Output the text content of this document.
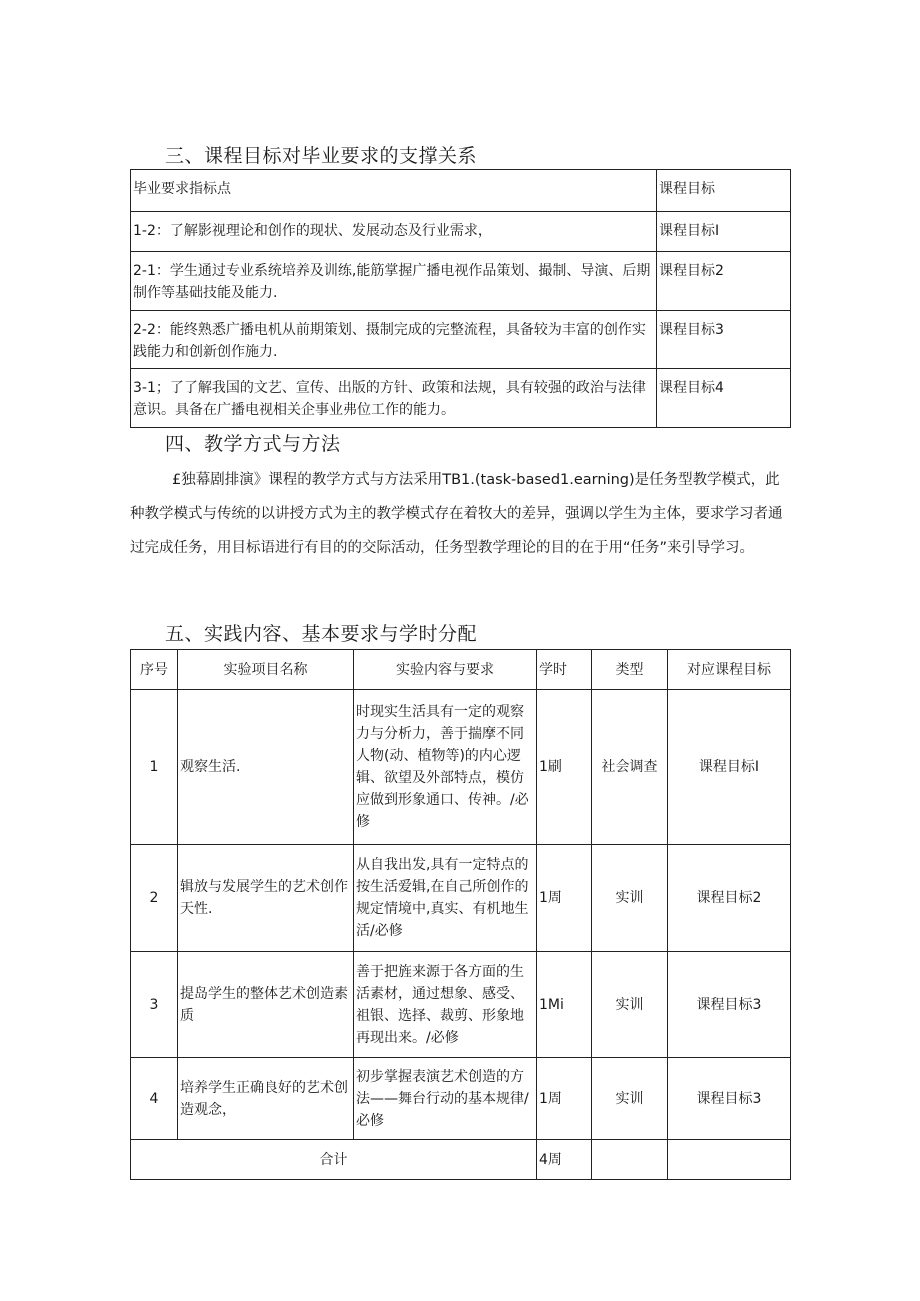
三、课程目标对毕业要求的支撑关系
毕业要求指标点	课程目标
1-2：了解影视理论和创作的现状、发展动态及行业需求，	课程目标I
2-1：学生通过专业系统培养及训练,能筋掌握广播电视作品策划、撮制、导演、后期制作等基础技能及能力.	课程目标2
2-2：能终熟悉广播电机从前期策划、摄制完成的完整流程，具备较为丰富的创作实践能力和创新创作施力.	课程目标3
3-1；了了解我国的文艺、宣传、出版的方针、政策和法规，具有较强的政治与法律意识。具备在广播电视相关企事业弗位工作的能力。	课程目标4
四、教学方式与方法
£独幕剧排演》课程的教学方式与方法采用TB1.(task-based1.earning)是任务型教学模式，此种教学模式与传统的以讲授方式为主的教学模式存在着牧大的差异，强调以学生为主体，要求学习者通过完成任务，用目标语进行有目的的交际活动，任务型教学理论的目的在于用“任务”来引导学习。
五、实践内容、基本要求与学时分配
序号	实验项目名称	实验内容与要求	学时	类型	对应课程目标
1	观察生活.	时现实生活具有一定的观察力与分析力，善于揣摩不同人物(动、植物等)的内心逻辑、欲望及外部特点，模仿应做到形象通口、传神。/必修	1刷	社会调查	课程目标I
2	辑放与发展学生的艺术创作天性.	从自我出发,具有一定特点的按生活爱辑,在自己所创作的规定情境中,真实、有机地生活/必修	1周	实训	课程目标2
3	提岛学生的整体艺术创造素质	善于把旌来源于各方面的生活素材，通过想象、感受、祖银、选择、裁剪、形象地再现出来。/必修	1Mi	实训	课程目标3
4	培养学生正确良好的艺术创造观念，	初步掌握表演艺术创造的方法——舞台行动的基本规律/必修	1周	实训	课程目标3
合计			4周		
